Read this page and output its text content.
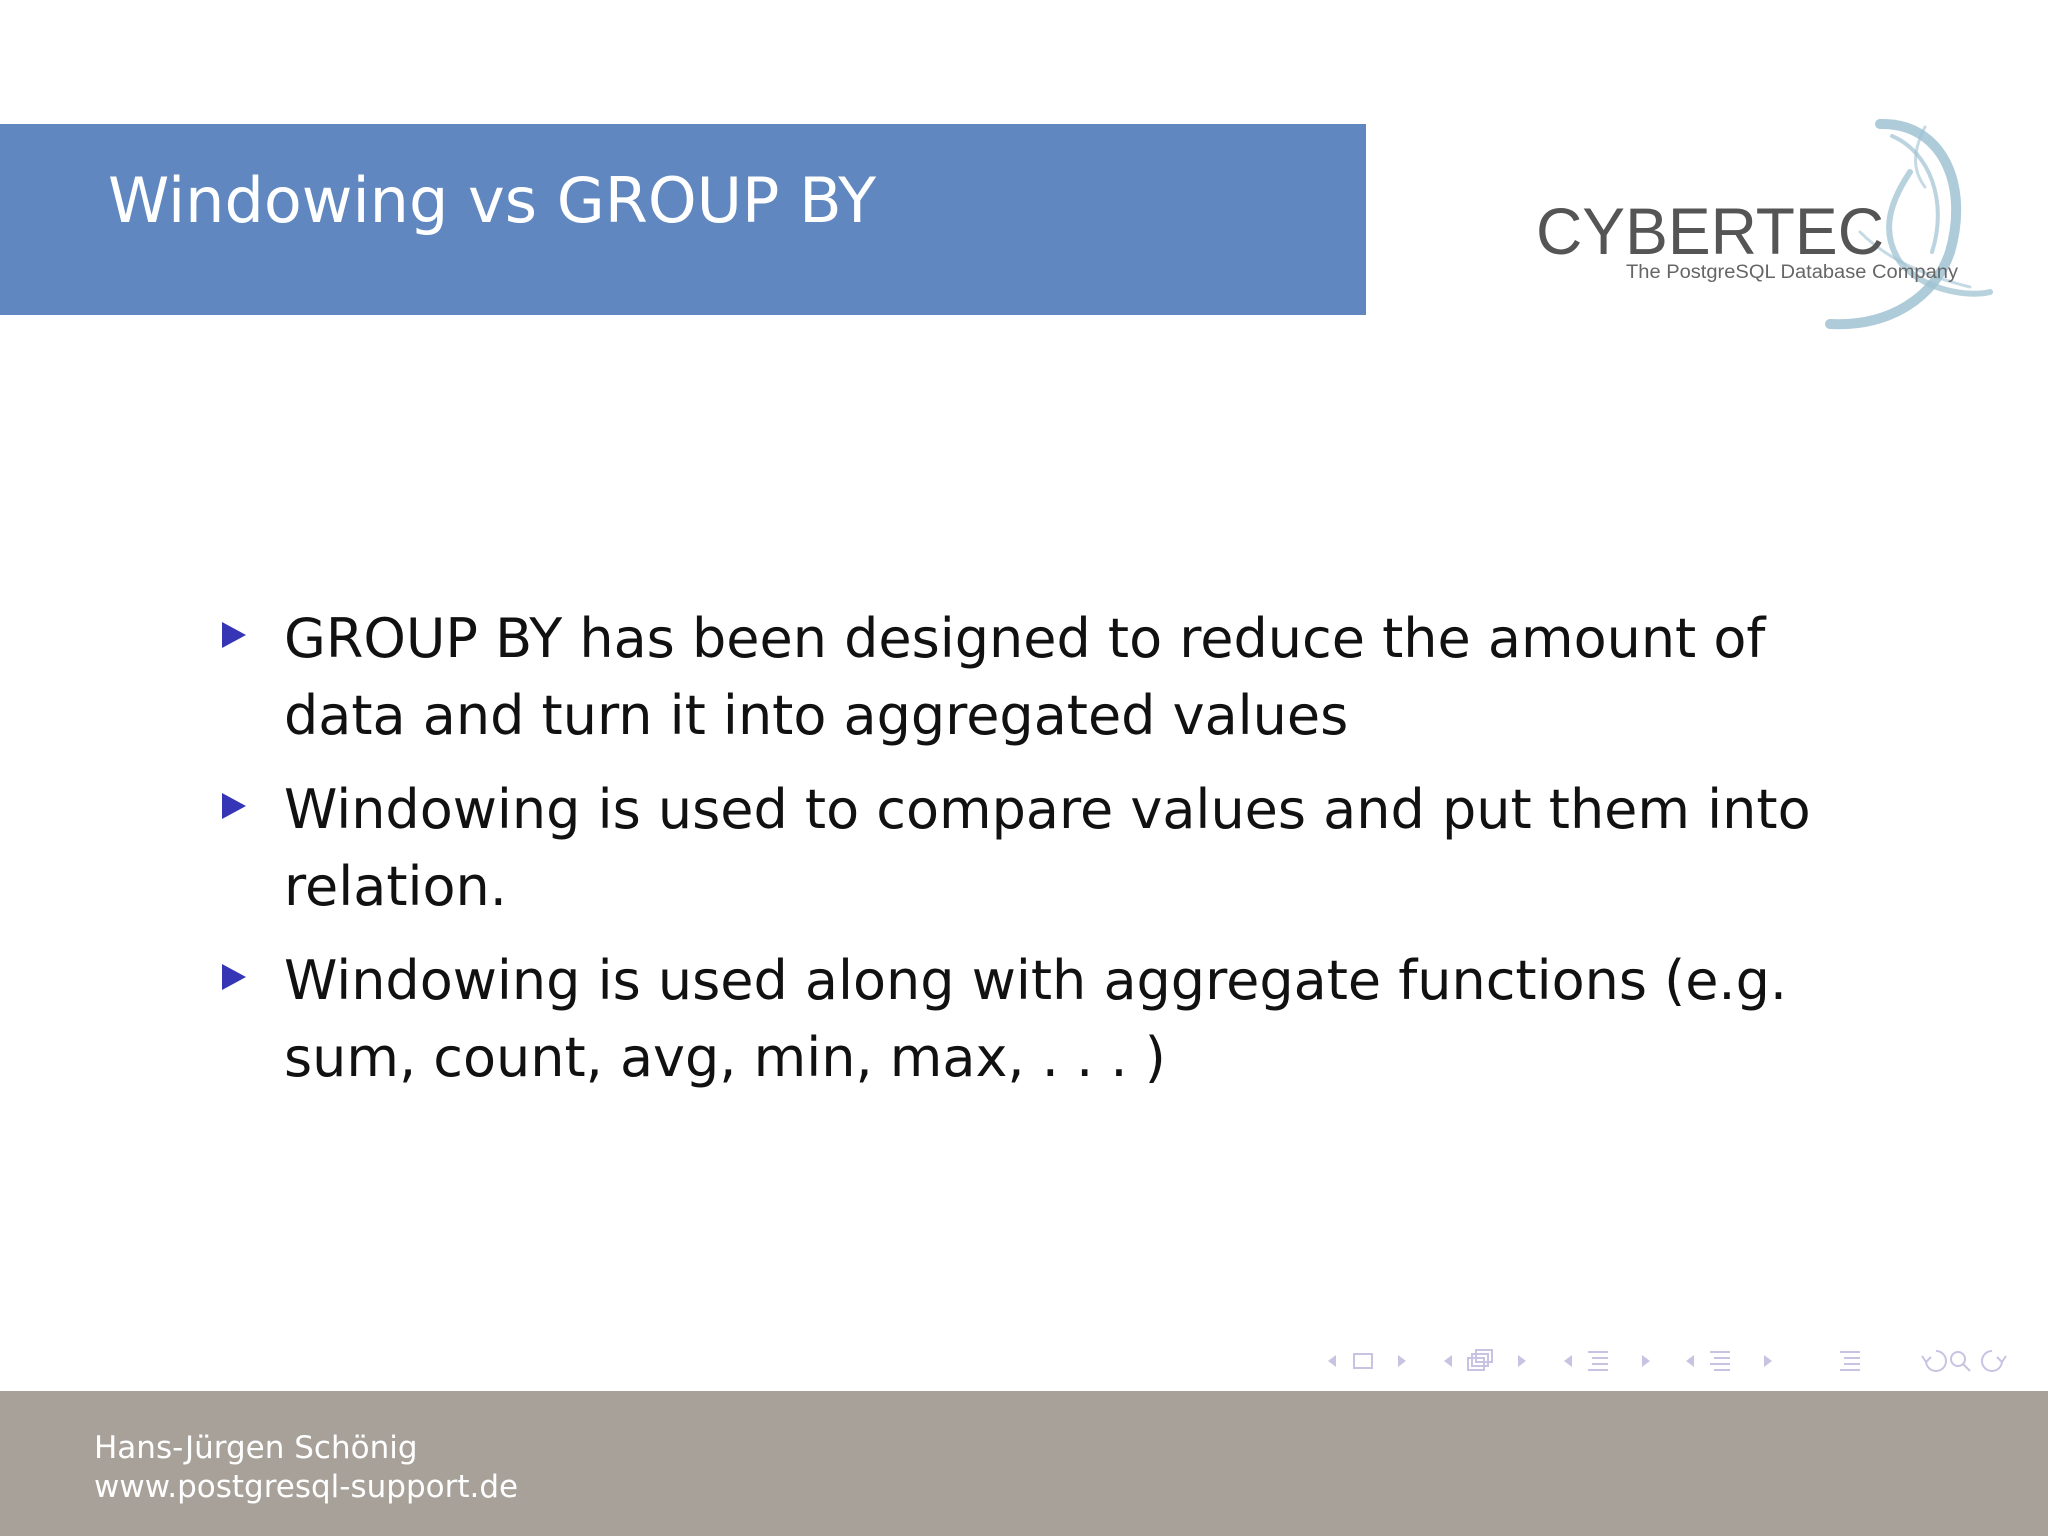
Windowing vs GROUP BY	CYBERTEC
The PostgreSQL Database Company
GROUP BY has been designed to reduce the amount of data and turn it into aggregated values
Windowing is used to compare values and put them into relation.
Windowing is used along with aggregate functions (e.g. sum, count, avg, min, max, . . . )
Hans-Jürgen Schönig
www.postgresql-support.de
